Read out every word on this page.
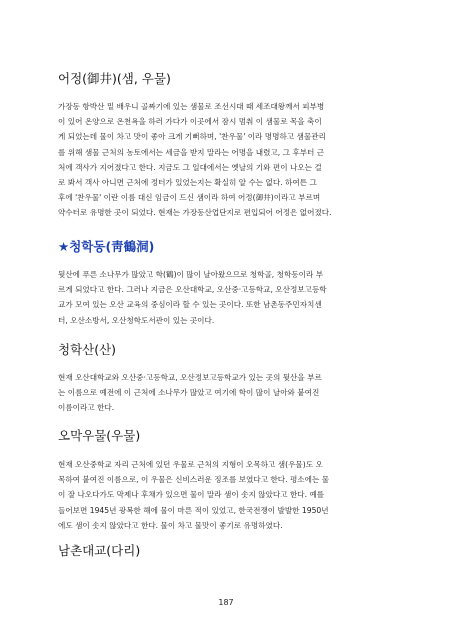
어정(御井)(샘, 우물)
가장동 항박산 밑 배우니 골짜기에 있는 샘물로 조선시대 때 세조대왕께서 피부병
이 있어 온양으로 온천욕을 하러 가다가 이곳에서 잠시 멈춰 이 샘물로 목을 축이
게 되었는데 물이 차고 맛이 좋아 크게 기뻐하며, '찬우물' 이라 명명하고 샘물관리
를 위해 샘물 근처의 농토에서는 세금을 받지 말라는 어명을 내렸고, 그 후부터 근
처에 객사가 지어졌다고 한다. 지금도 그 일대에서는 옛날의 기와 편이 나오는 걸
로 봐서 객사 아니면 근처에 정터가 있었는지는 확실히 알 수는 없다. 하여튼 그
후에 '찬우물' 이란 이름 대신 임금이 드신 샘이라 하여 어정(御井)이라고 부르며
약수터로 유명한 곳이 되었다. 현재는 가장동산업단지로 편입되어 어정은 없어졌다.
★청학동(靑鶴洞)
뒷산에 푸른 소나무가 많았고 학(鶴)이 많이 날아왔으므로 청학골, 청학동이라 부
르게 되었다고 한다. 그러나 지금은 오산대학교, 오산중·고등학교, 오산정보고등학
교가 모여 있는 오산 교육의 중심이라 할 수 있는 곳이다. 또한 남촌동주민자치센
터, 오산소방서, 오산청학도서관이 있는 곳이다.
청학산(산)
현재 오산대학교와 오산중·고등학교, 오산정보고등학교가 있는 곳의 뒷산을 부르
는 이름으로 예전에 이 근처에 소나무가 많았고 여기에 학이 많이 날아와 붙여진
이름이라고 한다.
오막우물(우물)
현재 오산중학교 자리 근처에 있던 우물로 근처의 지형이 오목하고 샘(우물)도 오
목하여 붙여진 이름으로, 이 우물은 신비스러운 징조를 보였다고 한다. 평소에는 물
이 잘 나오다가도 막제나 후채가 있으면 물이 말라 샘이 솟지 않았다고 한다. 예를
들어보면 1945년 광복한 해에 물이 마른 적이 있었고, 한국전쟁이 발발한 1950년
에도 샘이 솟지 않았다고 한다. 물이 차고 물맛이 좋기로 유명하였다.
남촌대교(다리)
187
